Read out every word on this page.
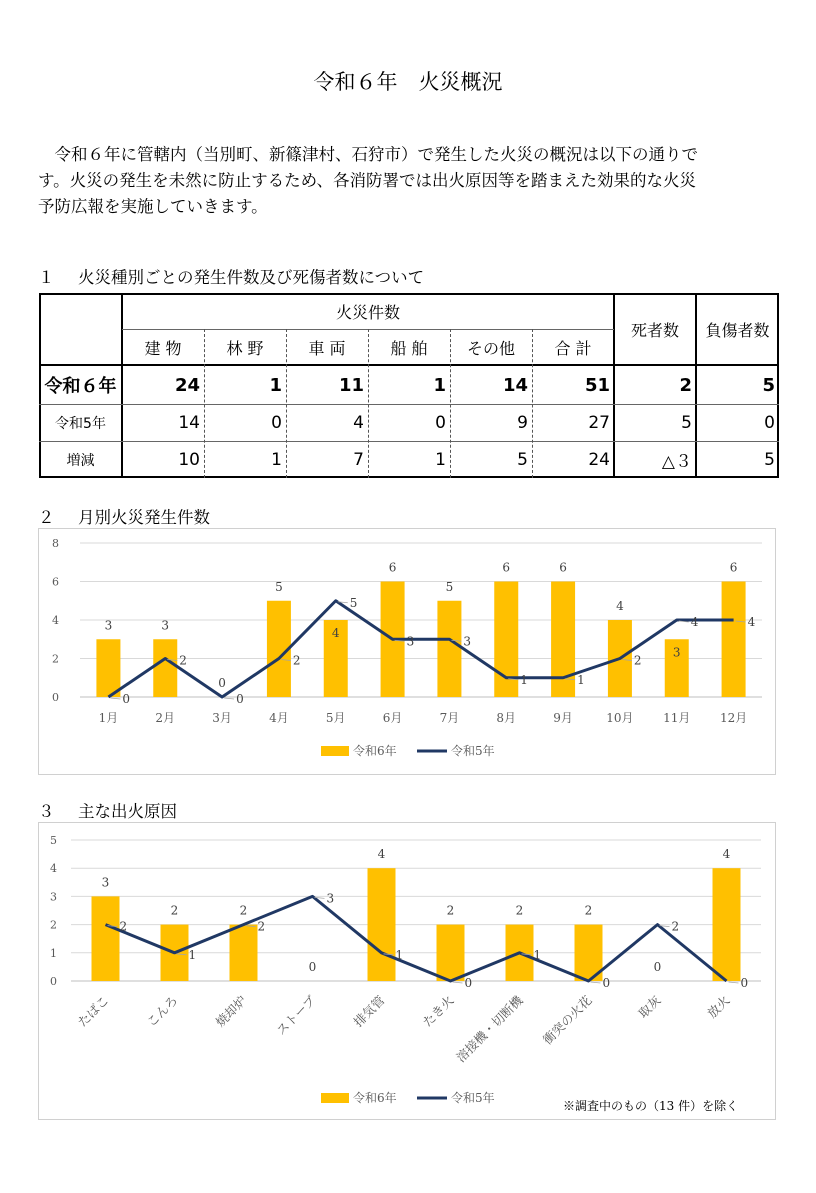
令和６年　火災概況

　令和６年に管轄内（当別町、新篠津村、石狩市）で発生した火災の概況は以下の通りで

す。火災の発生を未然に防止するため、各消防署では出火原因等を踏まえた効果的な火災

予防広報を実施していきます。

１ 火災種別ごとの発生件数及び死傷者数について
火災件数
建 物	林 野	車 両	船 舶	その他	合 計
死者数	負傷者数
令和６年	24	1	11	1	14	51	2	5
令和5年	14	0	4	0	9	27	5	0
増減	10	1	7	1	5	24	△３	5
２ 月別火災発生件数
0
2
4
6
8
3	3
0
5
4
6
5
6	6
4
3
6
0
2
0
2
5
3	3
1	1
2
4	4
1月	2月	3月	4月	5月	6月	7月	8月	9月	10月 11月 12月
令和6年	令和5年
３ 主な出火原因
0
1
2
3
4
5
3
2	2
0
4
2	2	2
0
4
2
1
2
3
1
0
1
0
2
0
たばこ	こんろ	焼却炉 ストーブ	排気管	たき火
溶接機・切断機 衝突の火花	取灰	放火
令和6年	令和5年
※調査中のもの（13 件）を除く
